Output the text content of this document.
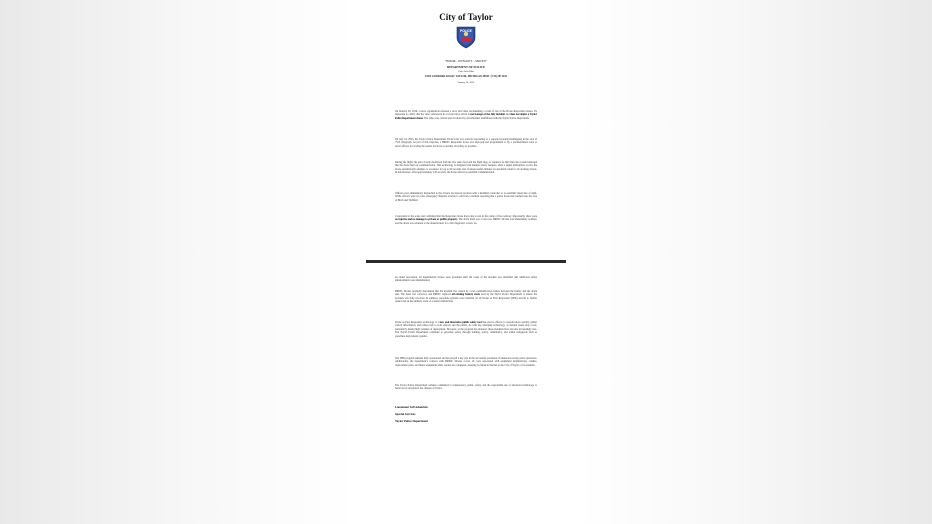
City of Taylor
POLICE
"HONOR…INTEGRITY…SERVICE"
DEPARTMENT OF POLICE
Chief John Blair
23555 GODDARD ROAD • TAYLOR, MICHIGAN 48180 • (734) 287-6611
January 30, 2026
On January 30, 2026, a news organization released a story and video documenting a crash of one of the Drone Responder drones. It's important to clarify that the video referenced in a recent news article is not footage of the July incident and does not depict a Taylor Police Department drone. The video was created and circulated by an individual unaffiliated with the Taylor Police Department.
On July 18, 2025, the Taylor Police Department Drone Unit was actively responding to a reported potential kidnapping in the area of 7555 Telegraph. As part of this response, a BRINC Responder drone was deployed and programmed to fly a predetermined route to assist officers in locating the parties involved as quickly and safely as possible.
During the flight, the pilot closely monitored both the live video feed and the flight map, as required. At that time, the system indicated that the drone had lost communication. This technology is designed with multiple safety features; when a signal interruption occurs, the drone automatically attempts to reconnect for up to 90 seconds and, if unsuccessful, initiates an automatic return to its docking station. In this instance, after approximately 120 seconds, the drone did not re-establish communication.
Officers were immediately dispatched to the drone's last known location with a handheld controller to re-establish visual line of sight. While officers were en route, emergency dispatch received a call from a resident reporting that a police drone had crashed near the area of Birch and Wohlfeil.
I responded to the scene and confirmed that the Responder drone had come to rest in the center of the roadway. Importantly, there were no injuries and no damage to private or public property. The drone itself was a total loss. BRINC Drones was immediately notified, and the drone was returned to the manufacturer for a full diagnostic review. As
an added precaution, all departmental drones were grounded until the cause of the incident was identified and additional safety enhancements were implemented.
BRINC Drones promptly determined that the incident was caused by a rare communication failure between the battery and the drone unit. The issue was corrected, and BRINC replaced all existing battery stock used by the Taylor Police Department to ensure the problem was fully resolved. In addition, parachute systems were installed on all Drone as First Responder (DFR) aircraft to further reduce risk in the unlikely event of a future malfunction.
Drone as First Responder technology is a new and innovative public safety tool that allows officers to respond more quickly, gather critical information, and reduce risk to both officers and the public. As with any emerging technology, occasional issues may occur, particularly during high volumes of deployment. However, as the program has matured, these incidents have become increasingly rare. The Taylor Police Department continues to prioritize safety through training, policy, redundancy, and added safeguards such as parachute deployment systems.
The DFR program remains fully operational and has played a key role in the successful resolution of numerous recent police operations. Additionally, the department's contract with BRINC Drones covers all costs associated with equipment malfunctions, crashes, replacement parts, and future equipment while repairs are completed, ensuring no financial burden to the City of Taylor or its residents.
The Taylor Police Department remains committed to transparency, public safety, and the responsible use of advanced technology to better serve and protect the citizens of Taylor.
Lieutenant Jeff Adamisin
Special Services
Taylor Police Department
